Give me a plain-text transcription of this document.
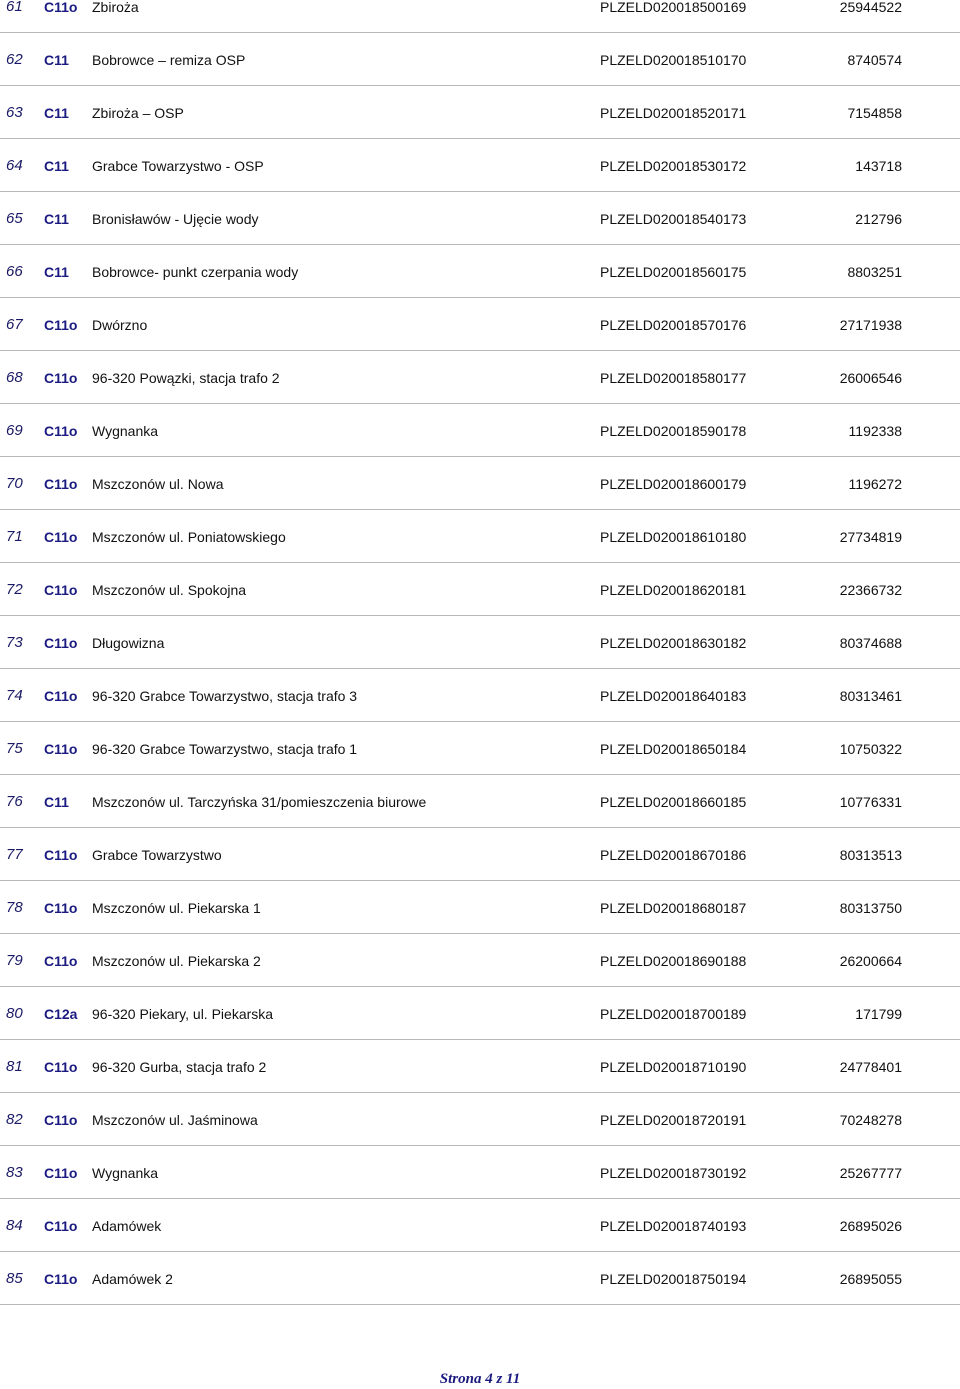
61 C11o	Zbiroża	PLZELD020018500169	25944522
62 C11	Bobrowce – remiza OSP	PLZELD020018510170	8740574
63 C11	Zbiroża – OSP	PLZELD020018520171	7154858
64 C11	Grabce Towarzystwo - OSP	PLZELD020018530172	143718
65 C11	Bronisławów - Ujęcie wody	PLZELD020018540173	212796
66 C11	Bobrowce- punkt czerpania wody	PLZELD020018560175	8803251
67 C11o	Dwórzno	PLZELD020018570176	27171938
68 C11o	96-320 Powązki, stacja trafo 2	PLZELD020018580177	26006546
69 C11o	Wygnanka	PLZELD020018590178	1192338
70 C11o	Mszczonów ul. Nowa	PLZELD020018600179	1196272
71 C11o	Mszczonów ul. Poniatowskiego	PLZELD020018610180	27734819
72 C11o	Mszczonów ul. Spokojna	PLZELD020018620181	22366732
73 C11o	Długowizna	PLZELD020018630182	80374688
74 C11o	96-320 Grabce Towarzystwo, stacja trafo 3	PLZELD020018640183	80313461
75 C11o	96-320 Grabce Towarzystwo, stacja trafo 1	PLZELD020018650184	10750322
76 C11	Mszczonów ul. Tarczyńska 31/pomieszczenia biurowe	PLZELD020018660185	10776331
77 C11o	Grabce Towarzystwo	PLZELD020018670186	80313513
78 C11o	Mszczonów ul. Piekarska 1	PLZELD020018680187	80313750
79 C11o	Mszczonów ul. Piekarska 2	PLZELD020018690188	26200664
80 C12a	96-320 Piekary, ul. Piekarska	PLZELD020018700189	171799
81 C11o	96-320 Gurba, stacja trafo 2	PLZELD020018710190	24778401
82 C11o	Mszczonów ul. Jaśminowa	PLZELD020018720191	70248278
83 C11o	Wygnanka	PLZELD020018730192	25267777
84 C11o	Adamówek	PLZELD020018740193	26895026
85 C11o	Adamówek 2	PLZELD020018750194	26895055
Strona 4 z 11
